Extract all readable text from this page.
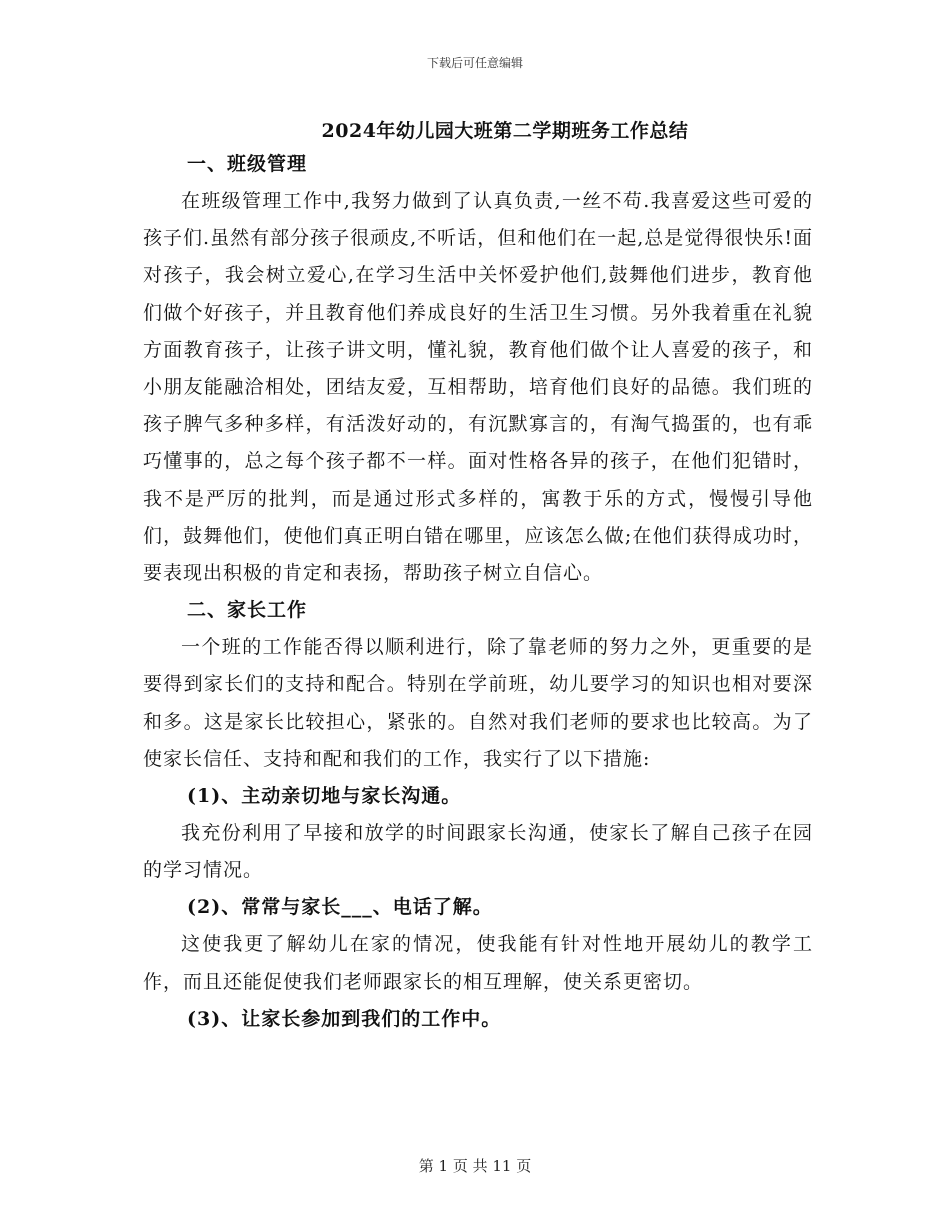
下载后可任意编辑
2024年幼儿园大班第二学期班务工作总结
一、班级管理

在班级管理工作中,我努力做到了认真负责,一丝不苟.我喜爱这些可爱的孩子们.虽然有部分孩子很顽皮,不听话，但和他们在一起,总是觉得很快乐!面对孩子，我会树立爱心,在学习生活中关怀爱护他们,鼓舞他们进步，教育他们做个好孩子，并且教育他们养成良好的生活卫生习惯。另外我着重在礼貌方面教育孩子，让孩子讲文明，懂礼貌，教育他们做个让人喜爱的孩子，和小朋友能融洽相处，团结友爱，互相帮助，培育他们良好的品德。我们班的孩子脾气多种多样，有活泼好动的，有沉默寡言的，有淘气捣蛋的，也有乖巧懂事的，总之每个孩子都不一样。面对性格各异的孩子，在他们犯错时，我不是严厉的批判，而是通过形式多样的，寓教于乐的方式，慢慢引导他们，鼓舞他们，使他们真正明白错在哪里，应该怎么做;在他们获得成功时，要表现出积极的肯定和表扬，帮助孩子树立自信心。

二、家长工作

一个班的工作能否得以顺利进行，除了靠老师的努力之外，更重要的是要得到家长们的支持和配合。特别在学前班，幼儿要学习的知识也相对要深和多。这是家长比较担心，紧张的。自然对我们老师的要求也比较高。为了使家长信任、支持和配和我们的工作，我实行了以下措施:

(1)、主动亲切地与家长沟通。

我充份利用了早接和放学的时间跟家长沟通，使家长了解自己孩子在园的学习情况。

(2)、常常与家长___、电话了解。

这使我更了解幼儿在家的情况，使我能有针对性地开展幼儿的教学工作，而且还能促使我们老师跟家长的相互理解，使关系更密切。

(3)、让家长参加到我们的工作中。
第 1 页 共 11 页
